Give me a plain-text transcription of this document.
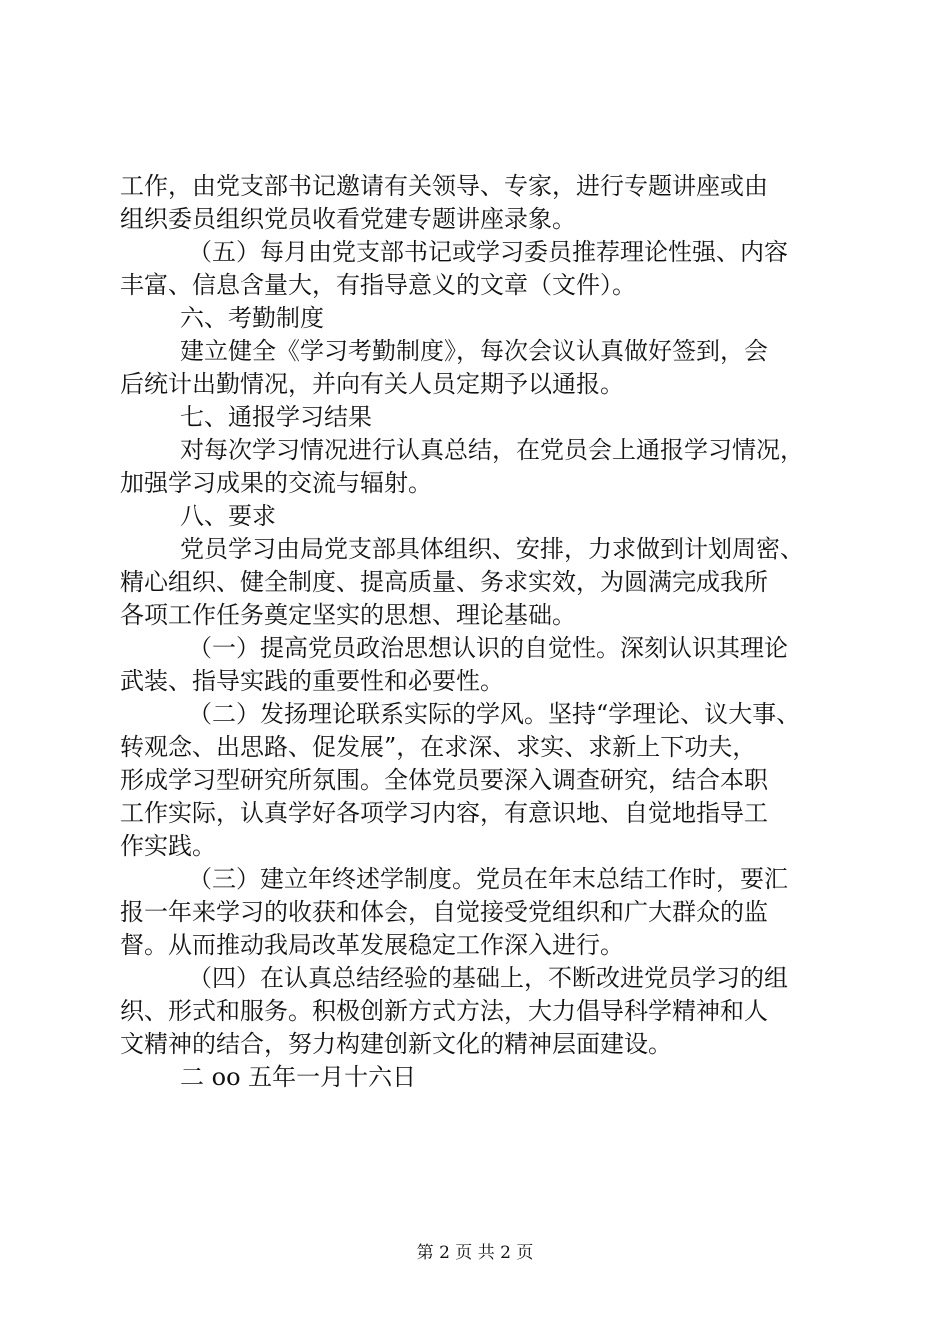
工作，由党支部书记邀请有关领导、专家，进行专题讲座或由
组织委员组织党员收看党建专题讲座录象。
（五）每月由党支部书记或学习委员推荐理论性强、内容
丰富、信息含量大，有指导意义的文章（文件）。
六、考勤制度
建立健全《学习考勤制度》，每次会议认真做好签到，会
后统计出勤情况，并向有关人员定期予以通报。
七、通报学习结果
对每次学习情况进行认真总结，在党员会上通报学习情况，
加强学习成果的交流与辐射。
八、要求
党员学习由局党支部具体组织、安排，力求做到计划周密、
精心组织、健全制度、提高质量、务求实效，为圆满完成我所
各项工作任务奠定坚实的思想、理论基础。
（一）提高党员政治思想认识的自觉性。深刻认识其理论
武装、指导实践的重要性和必要性。
（二）发扬理论联系实际的学风。坚持“学理论、议大事、
转观念、出思路、促发展”，在求深、求实、求新上下功夫，
形成学习型研究所氛围。全体党员要深入调查研究，结合本职
工作实际，认真学好各项学习内容，有意识地、自觉地指导工
作实践。
（三）建立年终述学制度。党员在年末总结工作时，要汇
报一年来学习的收获和体会，自觉接受党组织和广大群众的监
督。从而推动我局改革发展稳定工作深入进行。
（四）在认真总结经验的基础上，不断改进党员学习的组
织、形式和服务。积极创新方式方法，大力倡导科学精神和人
文精神的结合，努力构建创新文化的精神层面建设。
二 oo 五年一月十六日
第 2 页 共 2 页
